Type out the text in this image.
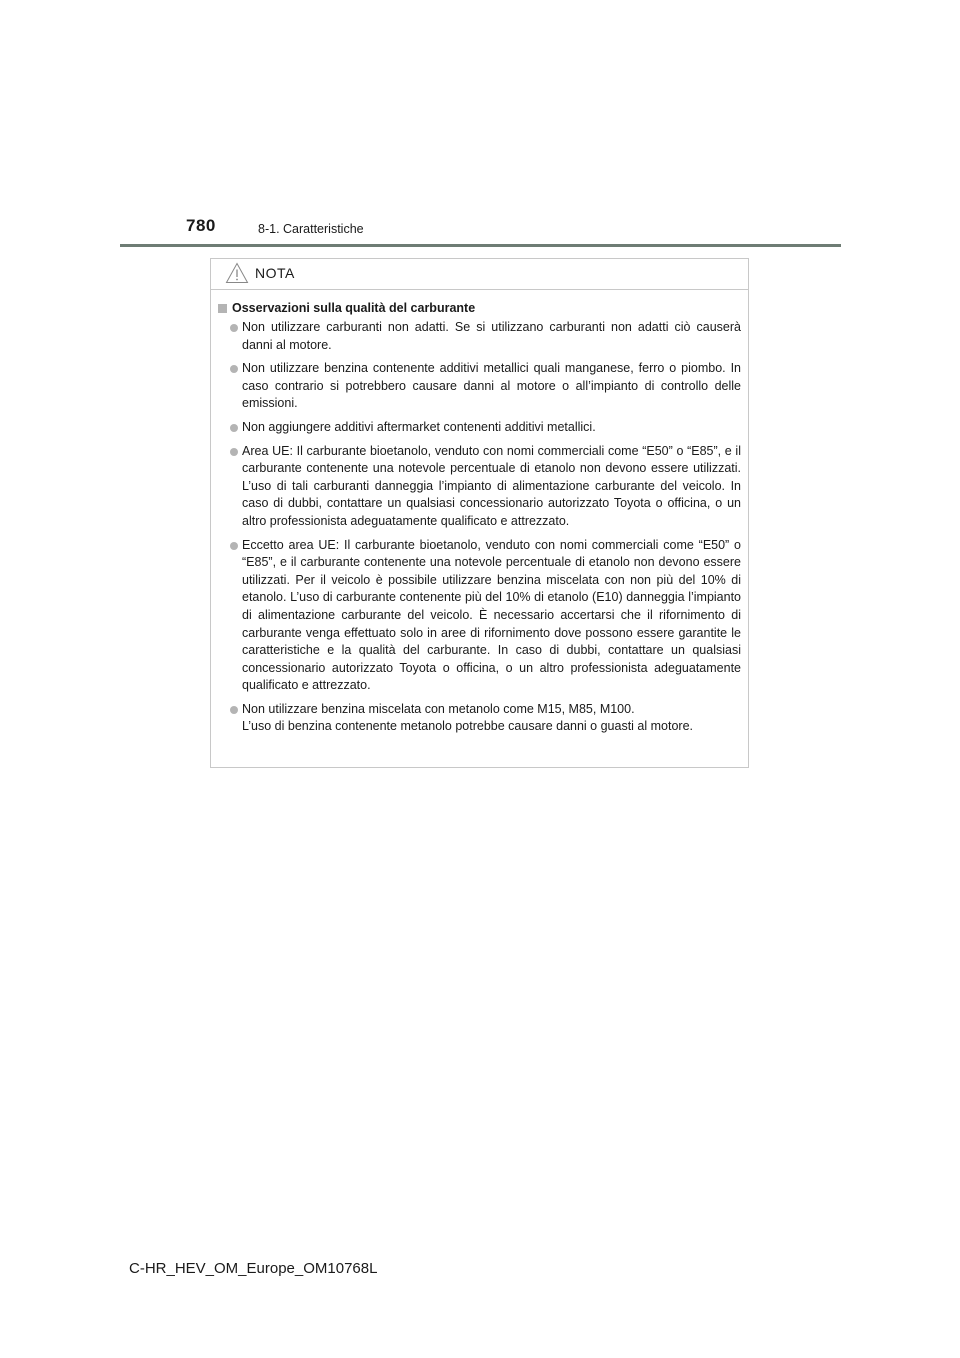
780	8-1. Caratteristiche
NOTA
Osservazioni sulla qualità del carburante
Non utilizzare carburanti non adatti. Se si utilizzano carburanti non adatti ciò causerà danni al motore.
Non utilizzare benzina contenente additivi metallici quali manganese, ferro o piombo. In caso contrario si potrebbero causare danni al motore o all’impianto di controllo delle emissioni.
Non aggiungere additivi aftermarket contenenti additivi metallici.
Area UE: Il carburante bioetanolo, venduto con nomi commerciali come “E50” o “E85”, e il carburante contenente una notevole percentuale di etanolo non devono essere utilizzati. L’uso di tali carburanti danneggia l’impianto di alimentazione carburante del veicolo. In caso di dubbi, contattare un qualsiasi concessionario autorizzato Toyota o officina, o un altro professionista adeguatamente qualificato e attrezzato.
Eccetto area UE: Il carburante bioetanolo, venduto con nomi commerciali come “E50” o “E85”, e il carburante contenente una notevole percentuale di etanolo non devono essere utilizzati. Per il veicolo è possibile utilizzare benzina miscelata con non più del 10% di etanolo. L’uso di carburante contenente più del 10% di etanolo (E10) danneggia l’impianto di alimentazione carburante del veicolo. È necessario accertarsi che il rifornimento di carburante venga effettuato solo in aree di rifornimento dove possono essere garantite le caratteristiche e la qualità del carburante. In caso di dubbi, contattare un qualsiasi concessionario autorizzato Toyota o officina, o un altro professionista adeguatamente qualificato e attrezzato.
Non utilizzare benzina miscelata con metanolo come M15, M85, M100.
L’uso di benzina contenente metanolo potrebbe causare danni o guasti al motore.
C-HR_HEV_OM_Europe_OM10768L
